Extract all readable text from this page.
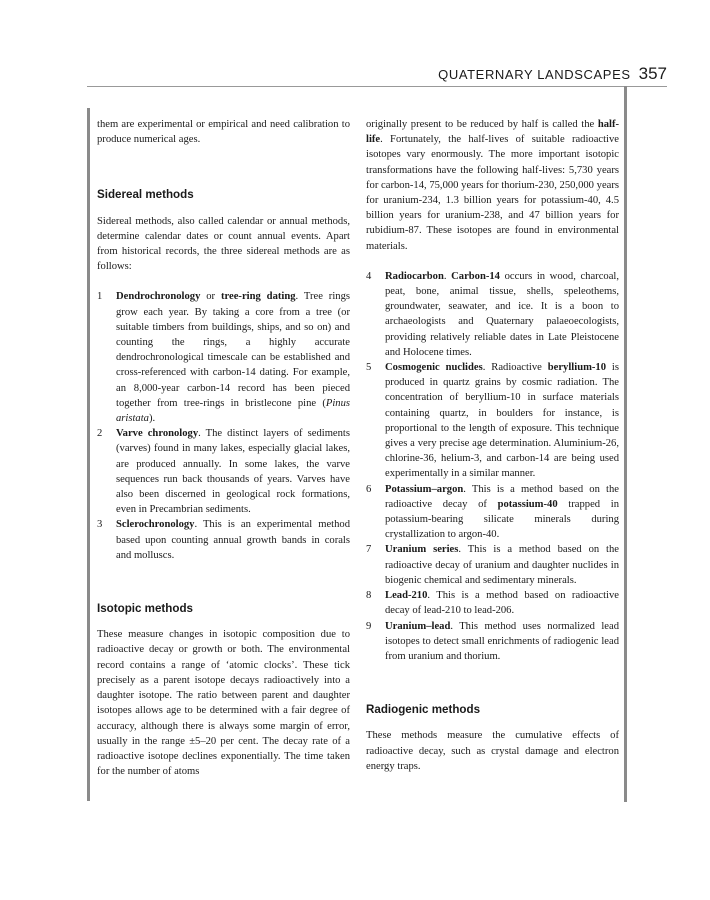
QUATERNARY LANDSCAPES 357

them are experimental or empirical and need calibration to produce numerical ages.

Sidereal methods

Sidereal methods, also called calendar or annual methods, determine calendar dates or count annual events. Apart from historical records, the three sidereal methods are as follows:

1 Dendrochronology or tree-ring dating. Tree rings grow each year. By taking a core from a tree (or suitable timbers from buildings, ships, and so on) and counting the rings, a highly accurate dendrochronological timescale can be established and cross-referenced with carbon-14 dating. For example, an 8,000-year carbon-14 record has been pieced together from tree-rings in bristlecone pine (Pinus aristata).
2 Varve chronology. The distinct layers of sediments (varves) found in many lakes, especially glacial lakes, are produced annually. In some lakes, the varve sequences run back thousands of years. Varves have also been discerned in geological rock formations, even in Precambrian sediments.
3 Sclerochronology. This is an experimental method based upon counting annual growth bands in corals and molluscs.
Isotopic methods

These measure changes in isotopic composition due to radioactive decay or growth or both. The environmental record contains a range of ‘atomic clocks’. These tick precisely as a parent isotope decays radioactively into a daughter isotope. The ratio between parent and daughter isotopes allows age to be determined with a fair degree of accuracy, although there is always some margin of error, usually in the range ±5–20 per cent. The decay rate of a radioactive isotope declines exponentially. The time taken for the number of atoms

originally present to be reduced by half is called the half-life. Fortunately, the half-lives of suitable radioactive isotopes vary enormously. The more important isotopic transformations have the following half-lives: 5,730 years for carbon-14, 75,000 years for thorium-230, 250,000 years for uranium-234, 1.3 billion years for potassium-40, 4.5 billion years for uranium-238, and 47 billion years for rubidium-87. These isotopes are found in environmental materials.

4 Radiocarbon. Carbon-14 occurs in wood, charcoal, peat, bone, animal tissue, shells, speleothems, groundwater, seawater, and ice. It is a boon to archaeologists and Quaternary palaeoecologists, providing relatively reliable dates in Late Pleistocene and Holocene times.
5 Cosmogenic nuclides. Radioactive beryllium-10 is produced in quartz grains by cosmic radiation. The concentration of beryllium-10 in surface materials containing quartz, in boulders for instance, is proportional to the length of exposure. This technique gives a very precise age determination. Aluminium-26, chlorine-36, helium-3, and carbon-14 are being used experimentally in a similar manner.
6 Potassium–argon. This is a method based on the radioactive decay of potassium-40 trapped in potassium-bearing silicate minerals during crystallization to argon-40.
7 Uranium series. This is a method based on the radioactive decay of uranium and daughter nuclides in biogenic chemical and sedimentary minerals.
8 Lead-210. This is a method based on radioactive decay of lead-210 to lead-206.
9 Uranium–lead. This method uses normalized lead isotopes to detect small enrichments of radiogenic lead from uranium and thorium.
Radiogenic methods

These methods measure the cumulative effects of radioactive decay, such as crystal damage and electron energy traps.
